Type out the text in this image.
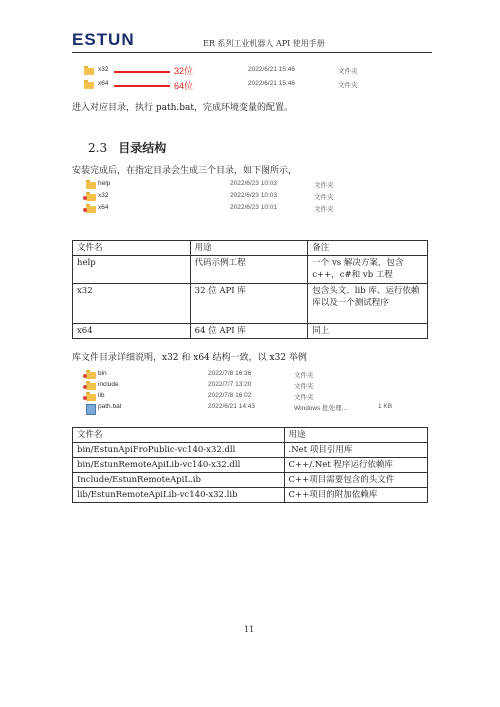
ESTUN	ER 系列工业机器人 API 使用手册
x32	32位	2022/6/21 15:46	文件夹
x64	64位	2022/6/21 15:46	文件夹
进入对应目录，执行 path.bat，完成环境变量的配置。
2.3 目录结构
安装完成后，在指定目录会生成三个目录，如下图所示，
help	2022/6/23 10:03	文件夹
x32	2022/6/23 10:03	文件夹
x64	2022/6/23 10:01	文件夹
文件名	用途	备注
help	代码示例工程	一个 vs 解决方案，包含 c++，c#和 vb 工程
x32	32 位 API 库	包含头文、lib 库、运行依赖库以及一个测试程序
x64	64 位 API 库	同上
库文件目录详细说明，x32 和 x64 结构一致，以 x32 举例
bin	2022/7/8 16:36	文件夹
include	2022/7/7 13:20	文件夹
lib	2022/7/8 16:02	文件夹
path.bat	2022/6/21 14:43	Windows 批处理...	1 KB
文件名	用途
bin/EstunApiFroPublic-vc140-x32.dll	.Net 项目引用库
bin/EstunRemoteApiLib-vc140-x32.dll	C++/.Net 程序运行依赖库
Include/EstunRemoteApiL.ib	C++项目需要包含的头文件
lib/EstunRemoteApiLib-vc140-x32.lib	C++项目的附加依赖库
11
